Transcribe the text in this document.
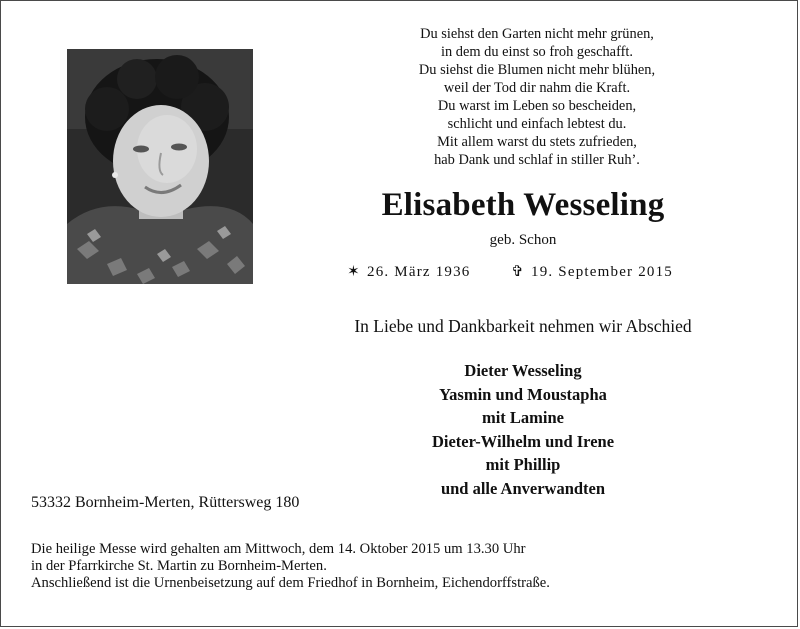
Du siehst den Garten nicht mehr grünen,
in dem du einst so froh geschafft.
Du siehst die Blumen nicht mehr blühen,
weil der Tod dir nahm die Kraft.
Du warst im Leben so bescheiden,
schlicht und einfach lebtest du.
Mit allem warst du stets zufrieden,
hab Dank und schlaf in stiller Ruh’.
Elisabeth Wesseling
geb. Schon
✶ 26. März 1936	✞ 19. September 2015
In Liebe und Dankbarkeit nehmen wir Abschied
Dieter Wesseling
Yasmin und Moustapha
mit Lamine
Dieter-Wilhelm und Irene
mit Phillip
und alle Anverwandten
53332 Bornheim-Merten, Rüttersweg 180
Die heilige Messe wird gehalten am Mittwoch, dem 14. Oktober 2015 um 13.30 Uhr
in der Pfarrkirche St. Martin zu Bornheim-Merten.
Anschließend ist die Urnenbeisetzung auf dem Friedhof in Bornheim, Eichendorffstraße.
